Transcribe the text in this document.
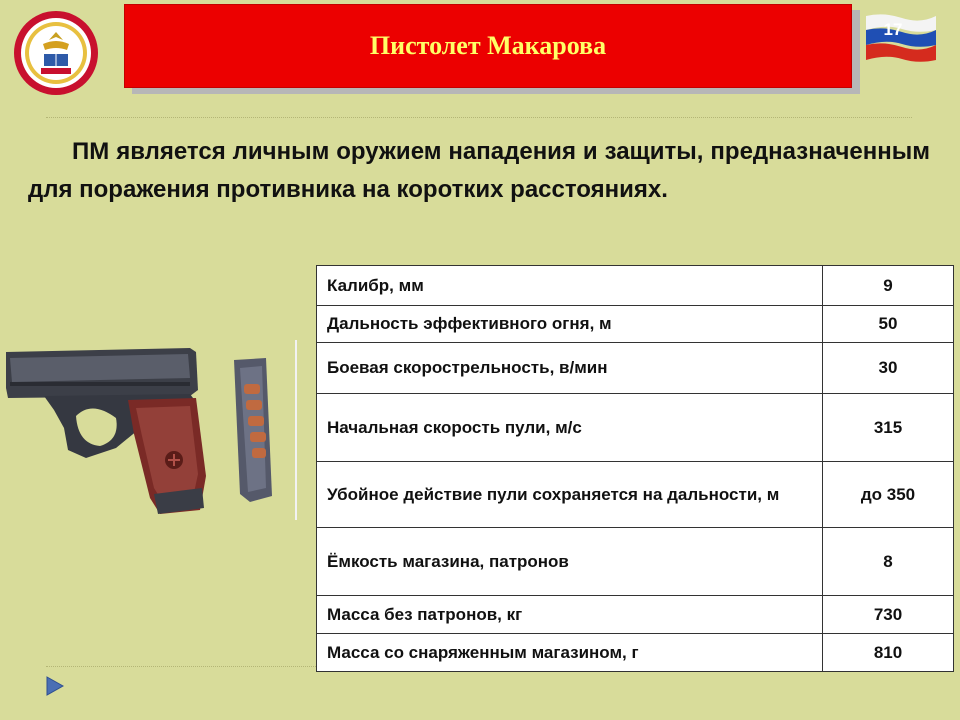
Пистолет Макарова
17

ПМ является личным оружием нападения и защиты, предназначенным для поражения противника на коротких расстояниях.

Калибр, мм	9
Дальность эффективного огня, м	50
Боевая скорострельность, в/мин	30
Начальная скорость пули, м/с	315
Убойное действие пули сохраняется на дальности, м	до 350
Ёмкость магазина, патронов	8
Масса без патронов, кг	730
Масса со снаряженным магазином, г	810
